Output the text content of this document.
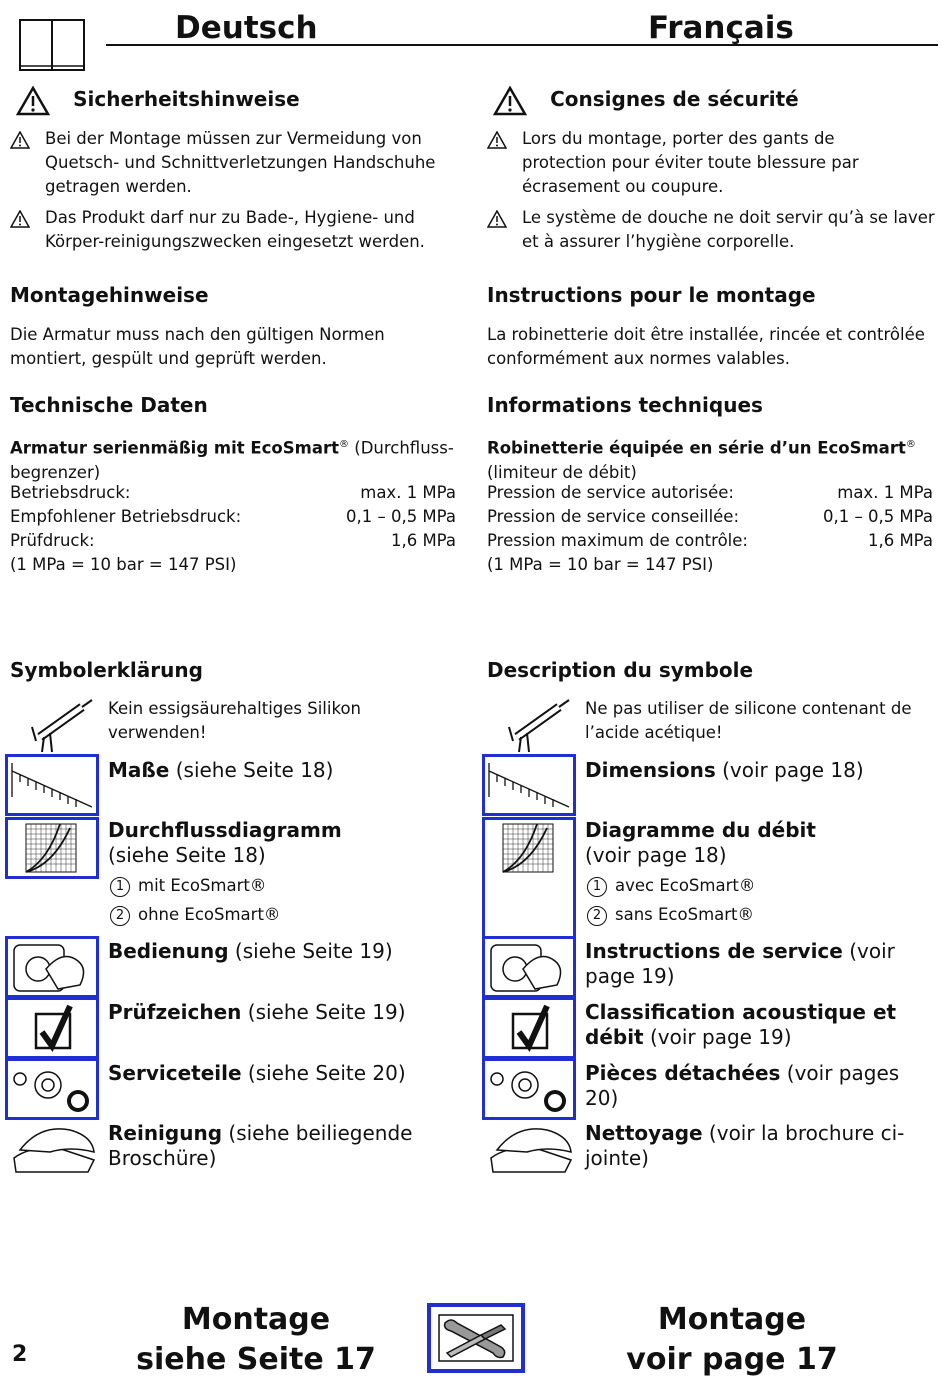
Deutsch	Français
Sicherheitshinweise
Bei der Montage müssen zur Vermeidung von Quetsch- und Schnittverletzungen Handschuhe getragen werden.
Das Produkt darf nur zu Bade-, Hygiene- und Körper-reinigungszwecken eingesetzt werden.
Montagehinweise
Die Armatur muss nach den gültigen Normen montiert, gespült und geprüft werden.
Technische Daten
Armatur serienmäßig mit EcoSmart® (Durchfluss-begrenzer)
Betriebsdruck:	max. 1 MPa
Empfohlener Betriebsdruck:	0,1 – 0,5 MPa
Prüfdruck:	1,6 MPa
(1 MPa = 10 bar = 147 PSI)
Symbolerklärung
Kein essigsäurehaltiges Silikon verwenden!
Maße (siehe Seite 18)
Durchflussdiagramm
(siehe Seite 18)
1 mit EcoSmart®
2 ohne EcoSmart®
Bedienung (siehe Seite 19)
Prüfzeichen (siehe Seite 19)
Serviceteile (siehe Seite 20)
Reinigung (siehe beiliegende Broschüre)
Consignes de sécurité
Lors du montage, porter des gants de protection pour éviter toute blessure par écrasement ou coupure.
Le système de douche ne doit servir qu’à se laver et à assurer l’hygiène corporelle.
Instructions pour le montage
La robinetterie doit être installée, rincée et contrôlée conformément aux normes valables.
Informations techniques
Robinetterie équipée en série d’un EcoSmart®
(limiteur de débit)
Pression de service autorisée:	max. 1 MPa
Pression de service conseillée:	0,1 – 0,5 MPa
Pression maximum de contrôle:	1,6 MPa
(1 MPa = 10 bar = 147 PSI)
Description du symbole
Ne pas utiliser de silicone contenant de l’acide acétique!
Dimensions (voir page 18)
Diagramme du débit
(voir page 18)
1 avec EcoSmart®
2 sans EcoSmart®
Instructions de service (voir page 19)
Classification acoustique et débit (voir page 19)
Pièces détachées (voir pages 20)
Nettoyage (voir la brochure ci-jointe)
2
Montage
siehe Seite 17
Montage
voir page 17
